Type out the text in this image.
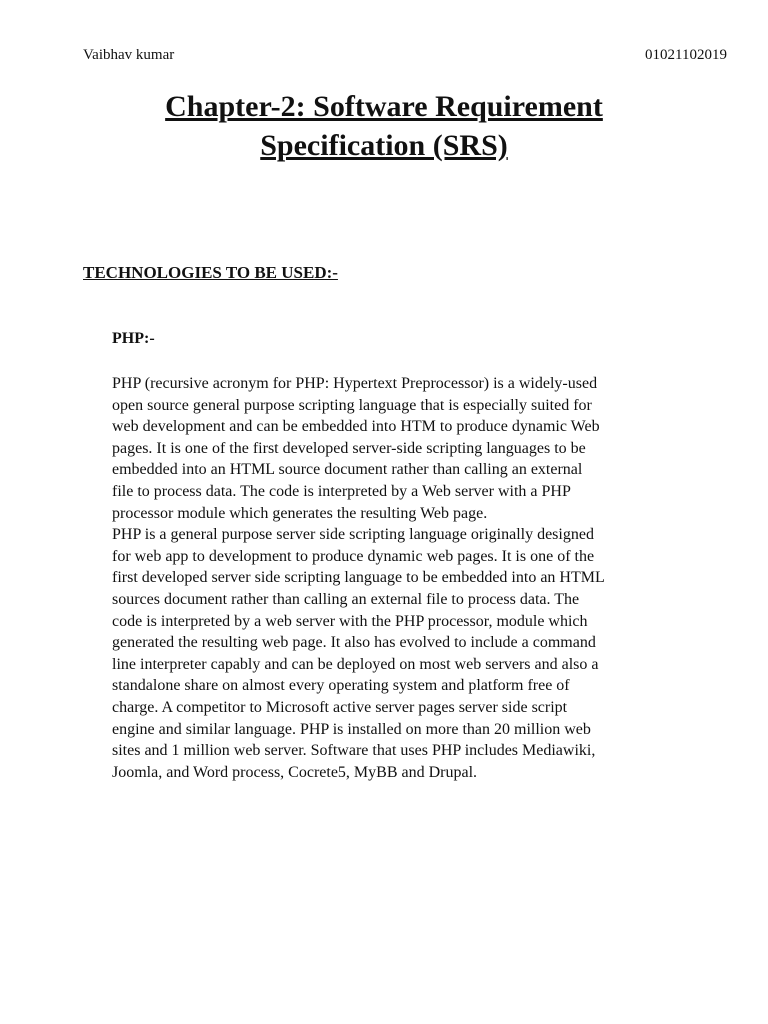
Vaibhav kumar	01021102019
Chapter-2: Software Requirement
Specification (SRS)
TECHNOLOGIES TO BE USED:-
PHP:-
PHP (recursive acronym for PHP: Hypertext Preprocessor) is a widely-used
open source general purpose scripting language that is especially suited for
web development and can be embedded into HTM to produce dynamic Web
pages. It is one of the first developed server-side scripting languages to be
embedded into an HTML source document rather than calling an external
file to process data. The code is interpreted by a Web server with a PHP
processor module which generates the resulting Web page.
PHP is a general purpose server side scripting language originally designed
for web app to development to produce dynamic web pages. It is one of the
first developed server side scripting language to be embedded into an HTML
sources document rather than calling an external file to process data. The
code is interpreted by a web server with the PHP processor, module which
generated the resulting web page. It also has evolved to include a command
line interpreter capably and can be deployed on most web servers and also a
standalone share on almost every operating system and platform free of
charge. A competitor to Microsoft active server pages server side script
engine and similar language. PHP is installed on more than 20 million web
sites and 1 million web server. Software that uses PHP includes Mediawiki,
Joomla, and Word process, Cocrete5, MyBB and Drupal.
